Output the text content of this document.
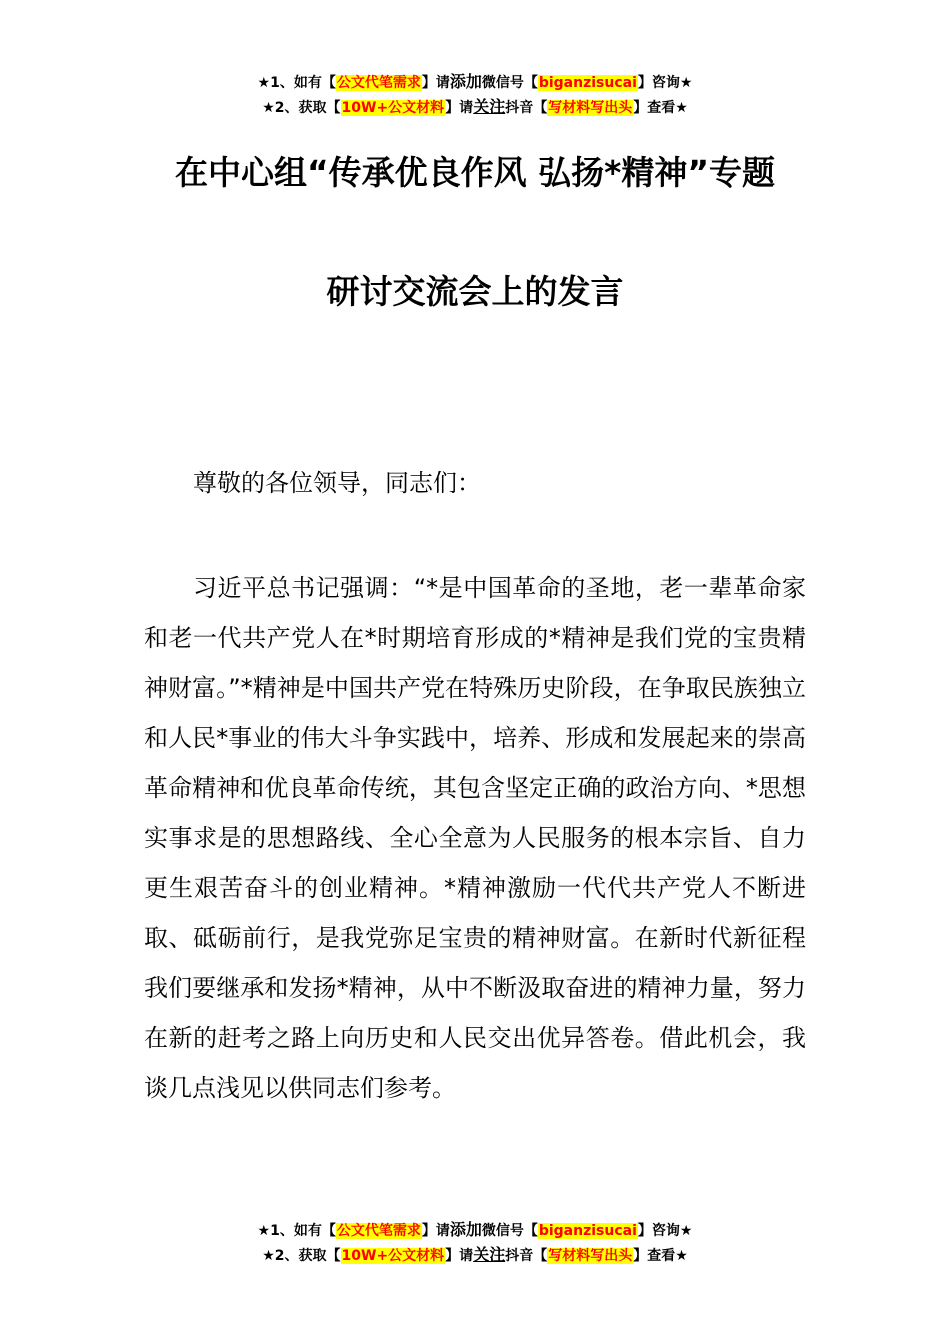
★1、如有【公文代笔需求】请添加微信号【biganzisucai】咨询★
★2、获取【10W+公文材料】请关注抖音【写材料写出头】查看★
在中心组“传承优良作风 弘扬*精神”专题
研讨交流会上的发言
尊敬的各位领导，同志们：
习近平总书记强调：“*是中国革命的圣地，老一辈革命家和老一代共产党人在*时期培育形成的*精神是我们党的宝贵精神财富。”*精神是中国共产党在特殊历史阶段，在争取民族独立和人民*事业的伟大斗争实践中，培养、形成和发展起来的崇高革命精神和优良革命传统，其包含坚定正确的政治方向、*思想实事求是的思想路线、全心全意为人民服务的根本宗旨、自力更生艰苦奋斗的创业精神。*精神激励一代代共产党人不断进取、砥砺前行，是我党弥足宝贵的精神财富。在新时代新征程我们要继承和发扬*精神，从中不断汲取奋进的精神力量，努力在新的赶考之路上向历史和人民交出优异答卷。借此机会，我谈几点浅见以供同志们参考。
★1、如有【公文代笔需求】请添加微信号【biganzisucai】咨询★
★2、获取【10W+公文材料】请关注抖音【写材料写出头】查看★
